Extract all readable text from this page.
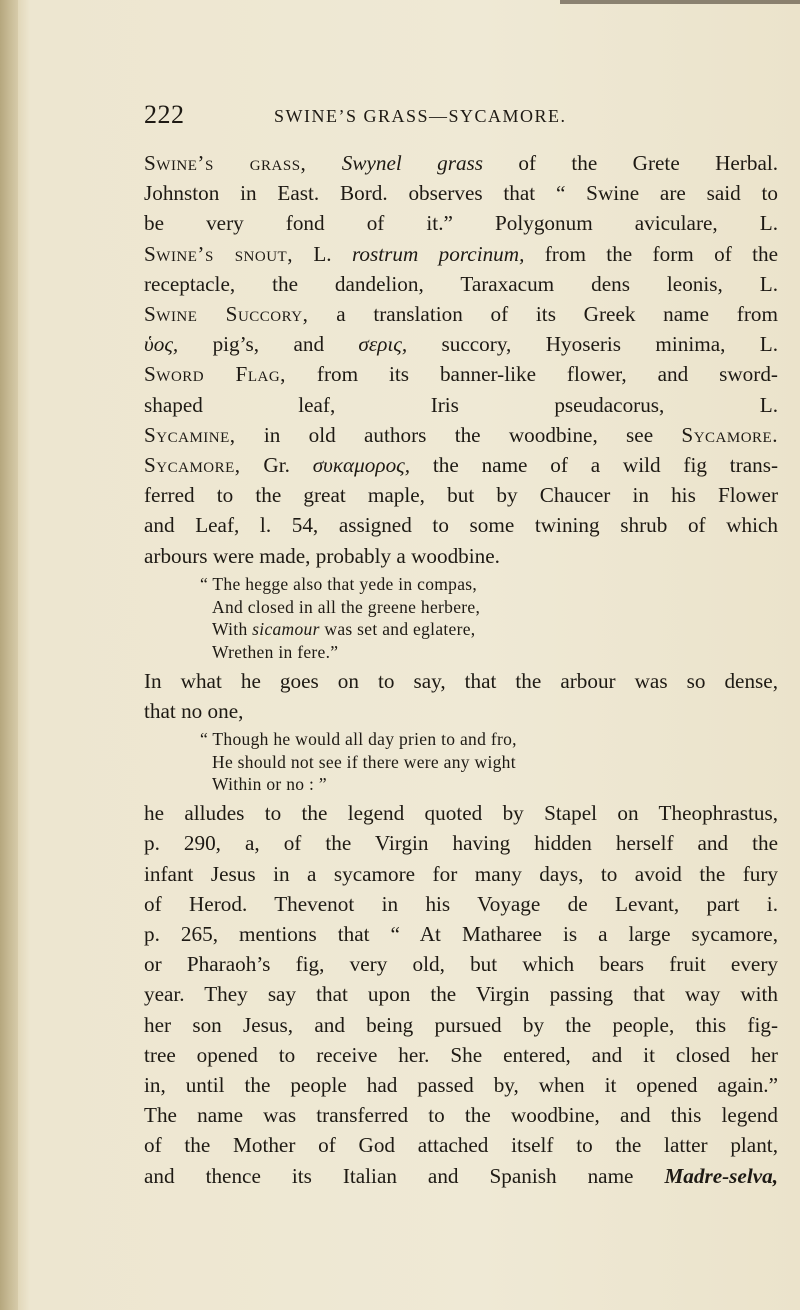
222	SWINE’S GRASS—SYCAMORE.
Swine’s grass, Swynel grass of the Grete Herbal.
Johnston in East. Bord. observes that “ Swine are said to
be very fond of it.” Polygonum aviculare, L.
Swine’s snout, L. rostrum porcinum, from the form of the
receptacle, the dandelion, Taraxacum dens leonis, L.
Swine Succory, a translation of its Greek name from
ὑος, pig’s, and σερις, succory, Hyoseris minima, L.
Sword Flag, from its banner-like flower, and sword-
shaped leaf,	Iris pseudacorus, L.
Sycamine, in old authors the woodbine, see Sycamore.
Sycamore, Gr. συκαμορος, the name of a wild fig trans-
ferred to the great maple, but by Chaucer in his Flower
and Leaf, l. 54, assigned to some twining shrub of which
arbours were made, probably a woodbine.
“ The hegge also that yede in compas,
And closed in all the greene herbere,
With sicamour was set and eglatere,
Wrethen in fere.”
In what he goes on to say, that the arbour was so dense,
that no one,
“ Though he would all day prien to and fro,
He should not see if there were any wight
Within or no : ”
he alludes to the legend quoted by Stapel on Theophrastus,
p. 290, a, of the Virgin having hidden herself and the
infant Jesus in a sycamore for many days, to avoid the fury
of Herod. Thevenot in his Voyage de Levant, part i.
p. 265, mentions that “ At Matharee is a large sycamore,
or Pharaoh’s fig, very old, but which bears fruit every
year. They say that upon the Virgin passing that way with
her son Jesus, and being pursued by the people, this fig-
tree opened to receive her. She entered, and it closed her
in, until the people had passed by, when it opened again.”
The name was transferred to the woodbine, and this legend
of the Mother of God attached itself to the latter plant,
and thence its Italian and Spanish name Madre-selva,
